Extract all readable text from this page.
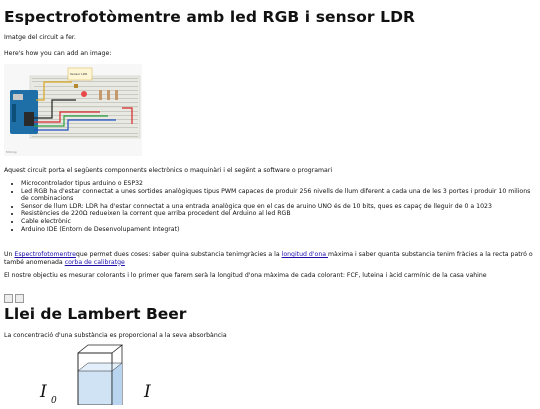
Espectrofotòmentre amb led RGB i sensor LDR
Imatge del circuit a fer.
Here's how you can add an image:
Sensor LDR
fritzing
Aquest circuit porta el següents componnents electrònics o maquinàri i el segënt a software o programari
• Microcontrolador tipus arduino o ESP32
• Led RGB ha d'estar connectat a unes sortides analògiques tipus PWM capaces de produir 256 nivells de llum diferent a cada una de les 3 portes i produir 10 milions de combinacions
• Sensor de llum LDR: LDR ha d'estar connectat a una entrada analògica que en el cas de aruino UNO és de 10 bits, ques es capaç de lleguir de 0 a 1023
• Resistències de 220Ω redueixen la corrent que arriba procedent del Arduino al led RGB
• Cable electrònic
• Arduino IDE (Entorn de Desenvolupament Integrat)
Un Espectrofotomentreque permet dues coses: saber quina substancia tenimgràcies a la longitud d'ona màxima i saber quanta substancia tenim fràcies a la recta patró o també anomenada corba de calibratge
El nostre objectiu es mesurar colorants i lo primer que farem serà la longitud d'ona màxima de cada colorant: FCF, luteina i àcid carmínic de la casa vahine
Llei de Lambert Beer
La concentració d'una substància es proporcional a la seva absorbància
I 0	I
